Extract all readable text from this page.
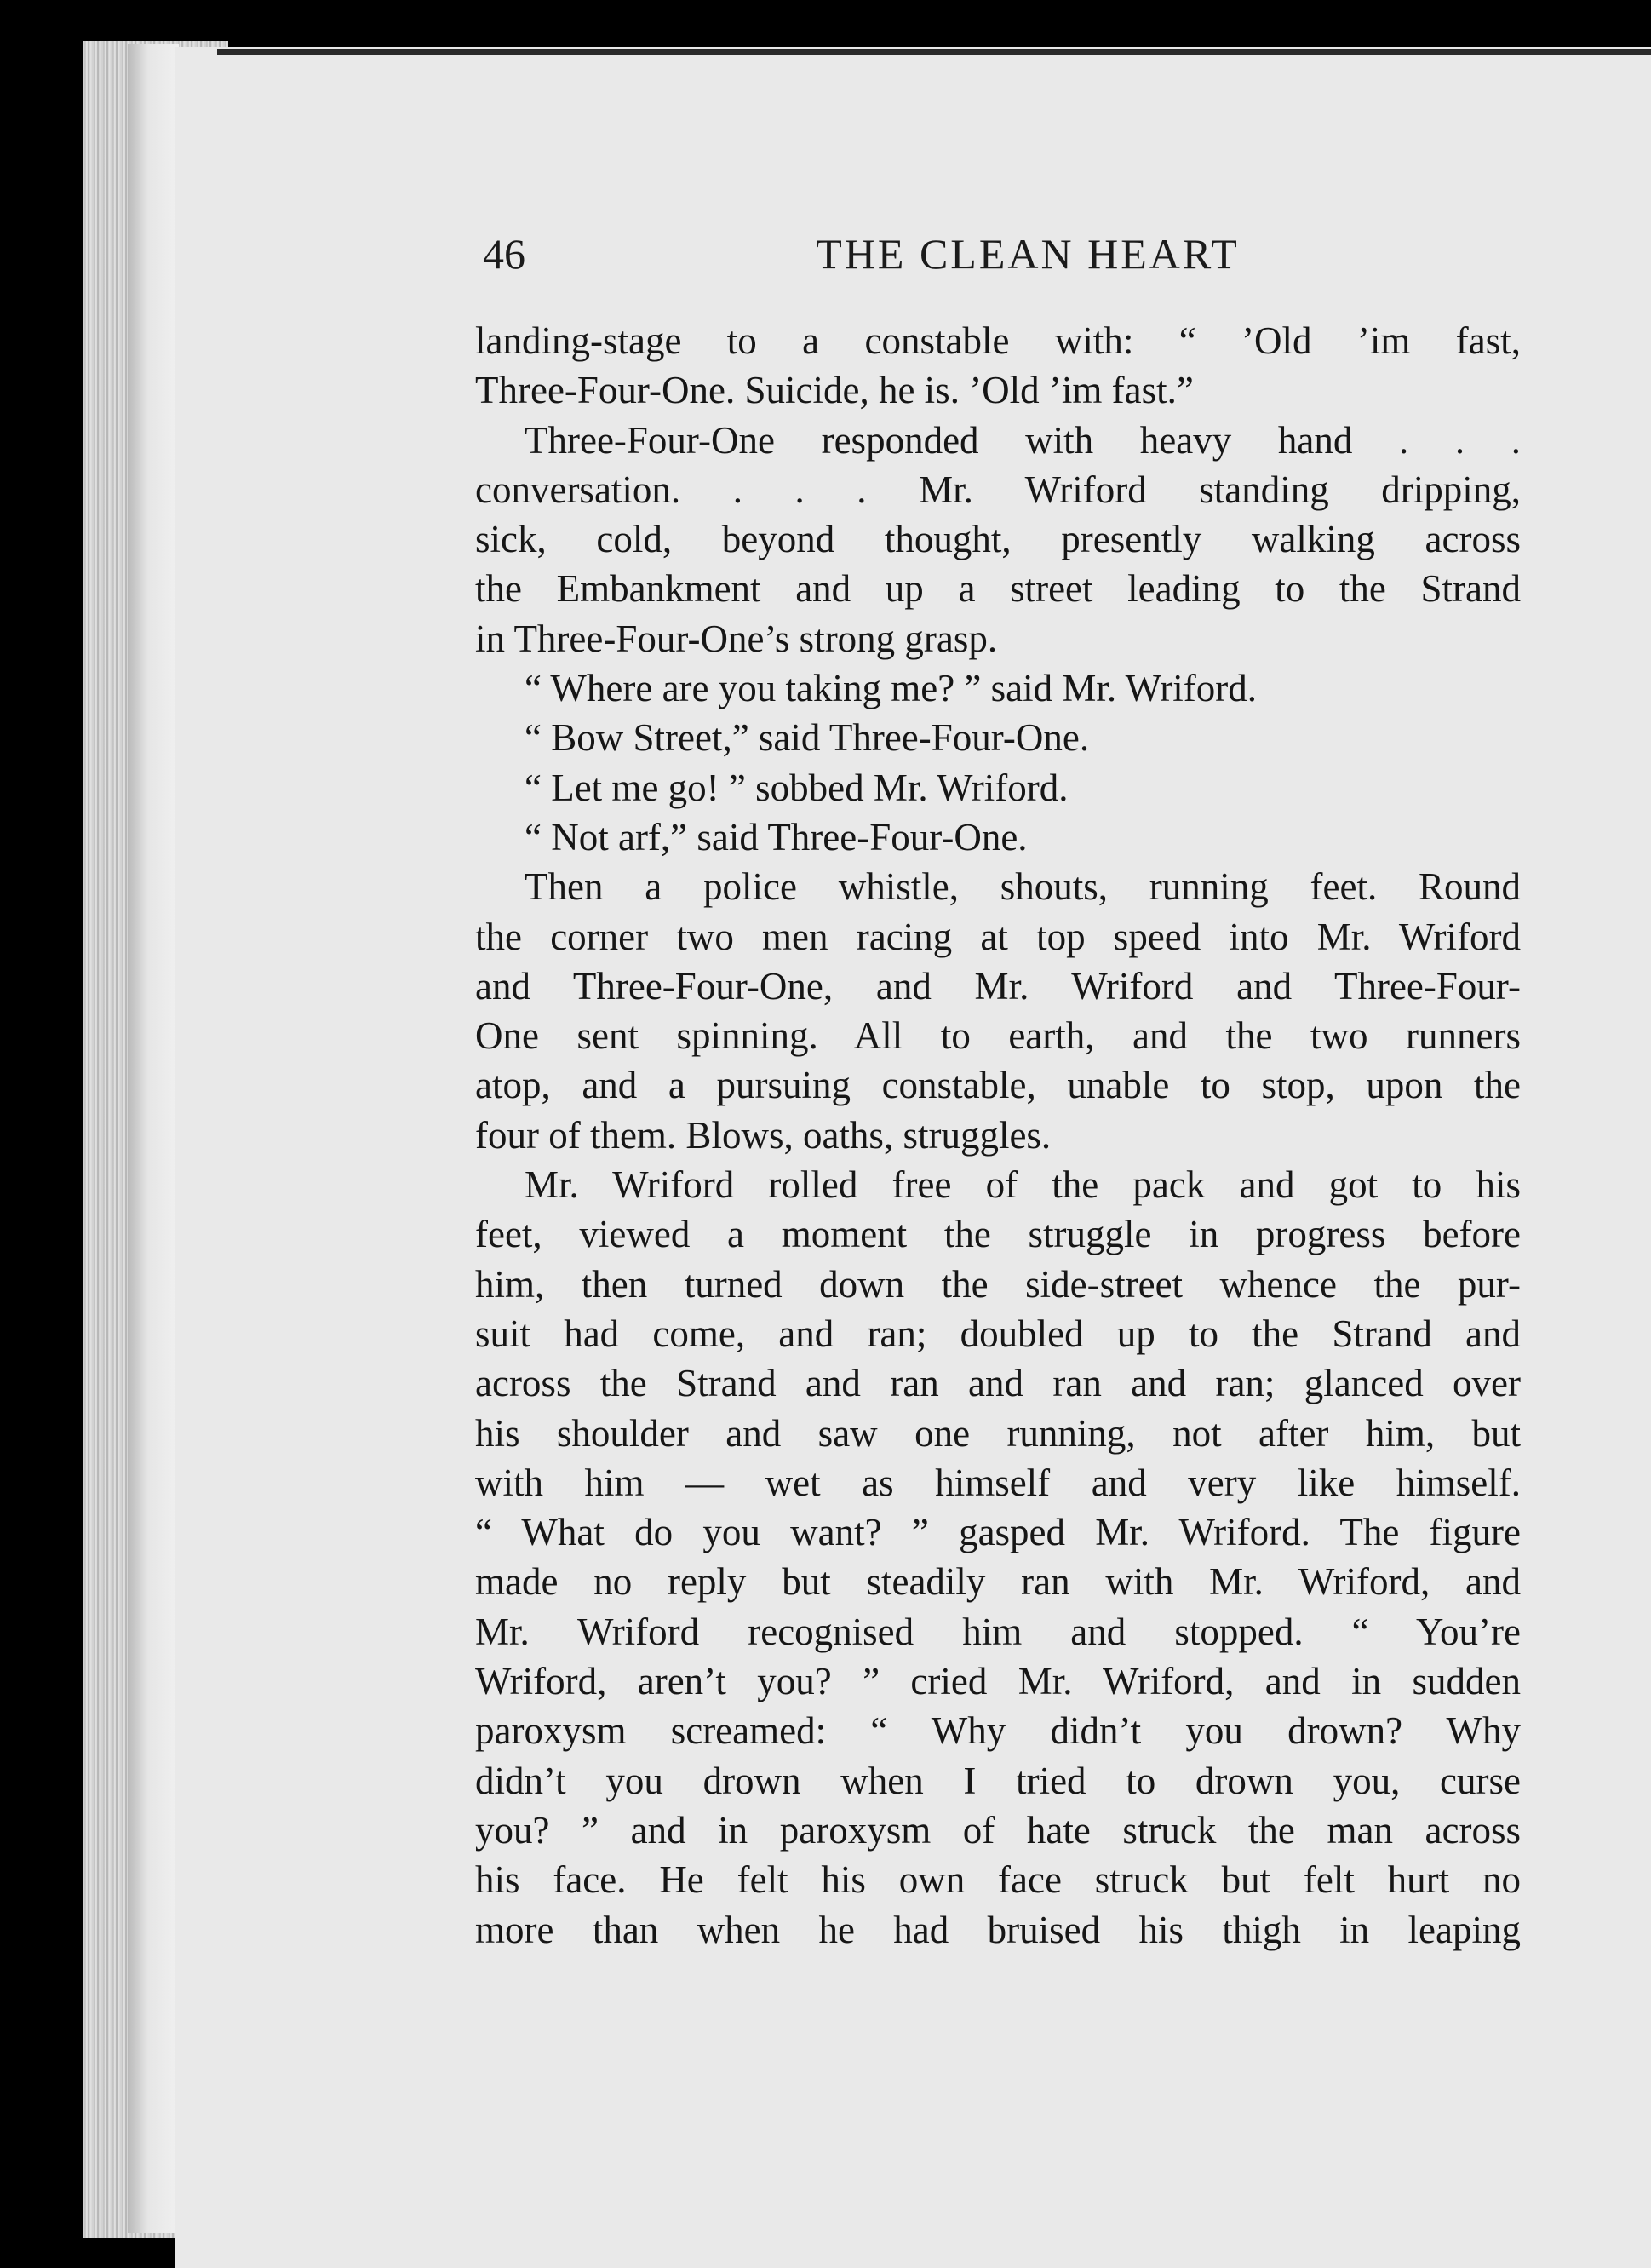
46	THE CLEAN HEART
landing-stage to a constable with: “ ’Old ’im fast,
Three-Four-One. Suicide, he is. ’Old ’im fast.”
Three-Four-One responded with heavy hand . . .
conversation. . . . Mr. Wriford standing dripping,
sick, cold, beyond thought, presently walking across
the Embankment and up a street leading to the Strand
in Three-Four-One’s strong grasp.
“ Where are you taking me? ” said Mr. Wriford.
“ Bow Street,” said Three-Four-One.
“ Let me go! ” sobbed Mr. Wriford.
“ Not arf,” said Three-Four-One.
Then a police whistle, shouts, running feet. Round
the corner two men racing at top speed into Mr. Wriford
and Three-Four-One, and Mr. Wriford and Three-Four-
One sent spinning. All to earth, and the two runners
atop, and a pursuing constable, unable to stop, upon the
four of them. Blows, oaths, struggles.
Mr. Wriford rolled free of the pack and got to his
feet, viewed a moment the struggle in progress before
him, then turned down the side-street whence the pur-
suit had come, and ran; doubled up to the Strand and
across the Strand and ran and ran and ran; glanced over
his shoulder and saw one running, not after him, but
with him — wet as himself and very like himself.
“ What do you want? ” gasped Mr. Wriford. The figure
made no reply but steadily ran with Mr. Wriford, and
Mr. Wriford recognised him and stopped. “ You’re
Wriford, aren’t you? ” cried Mr. Wriford, and in sudden
paroxysm screamed: “ Why didn’t you drown? Why
didn’t you drown when I tried to drown you, curse
you? ” and in paroxysm of hate struck the man across
his face. He felt his own face struck but felt hurt no
more than when he had bruised his thigh in leaping
